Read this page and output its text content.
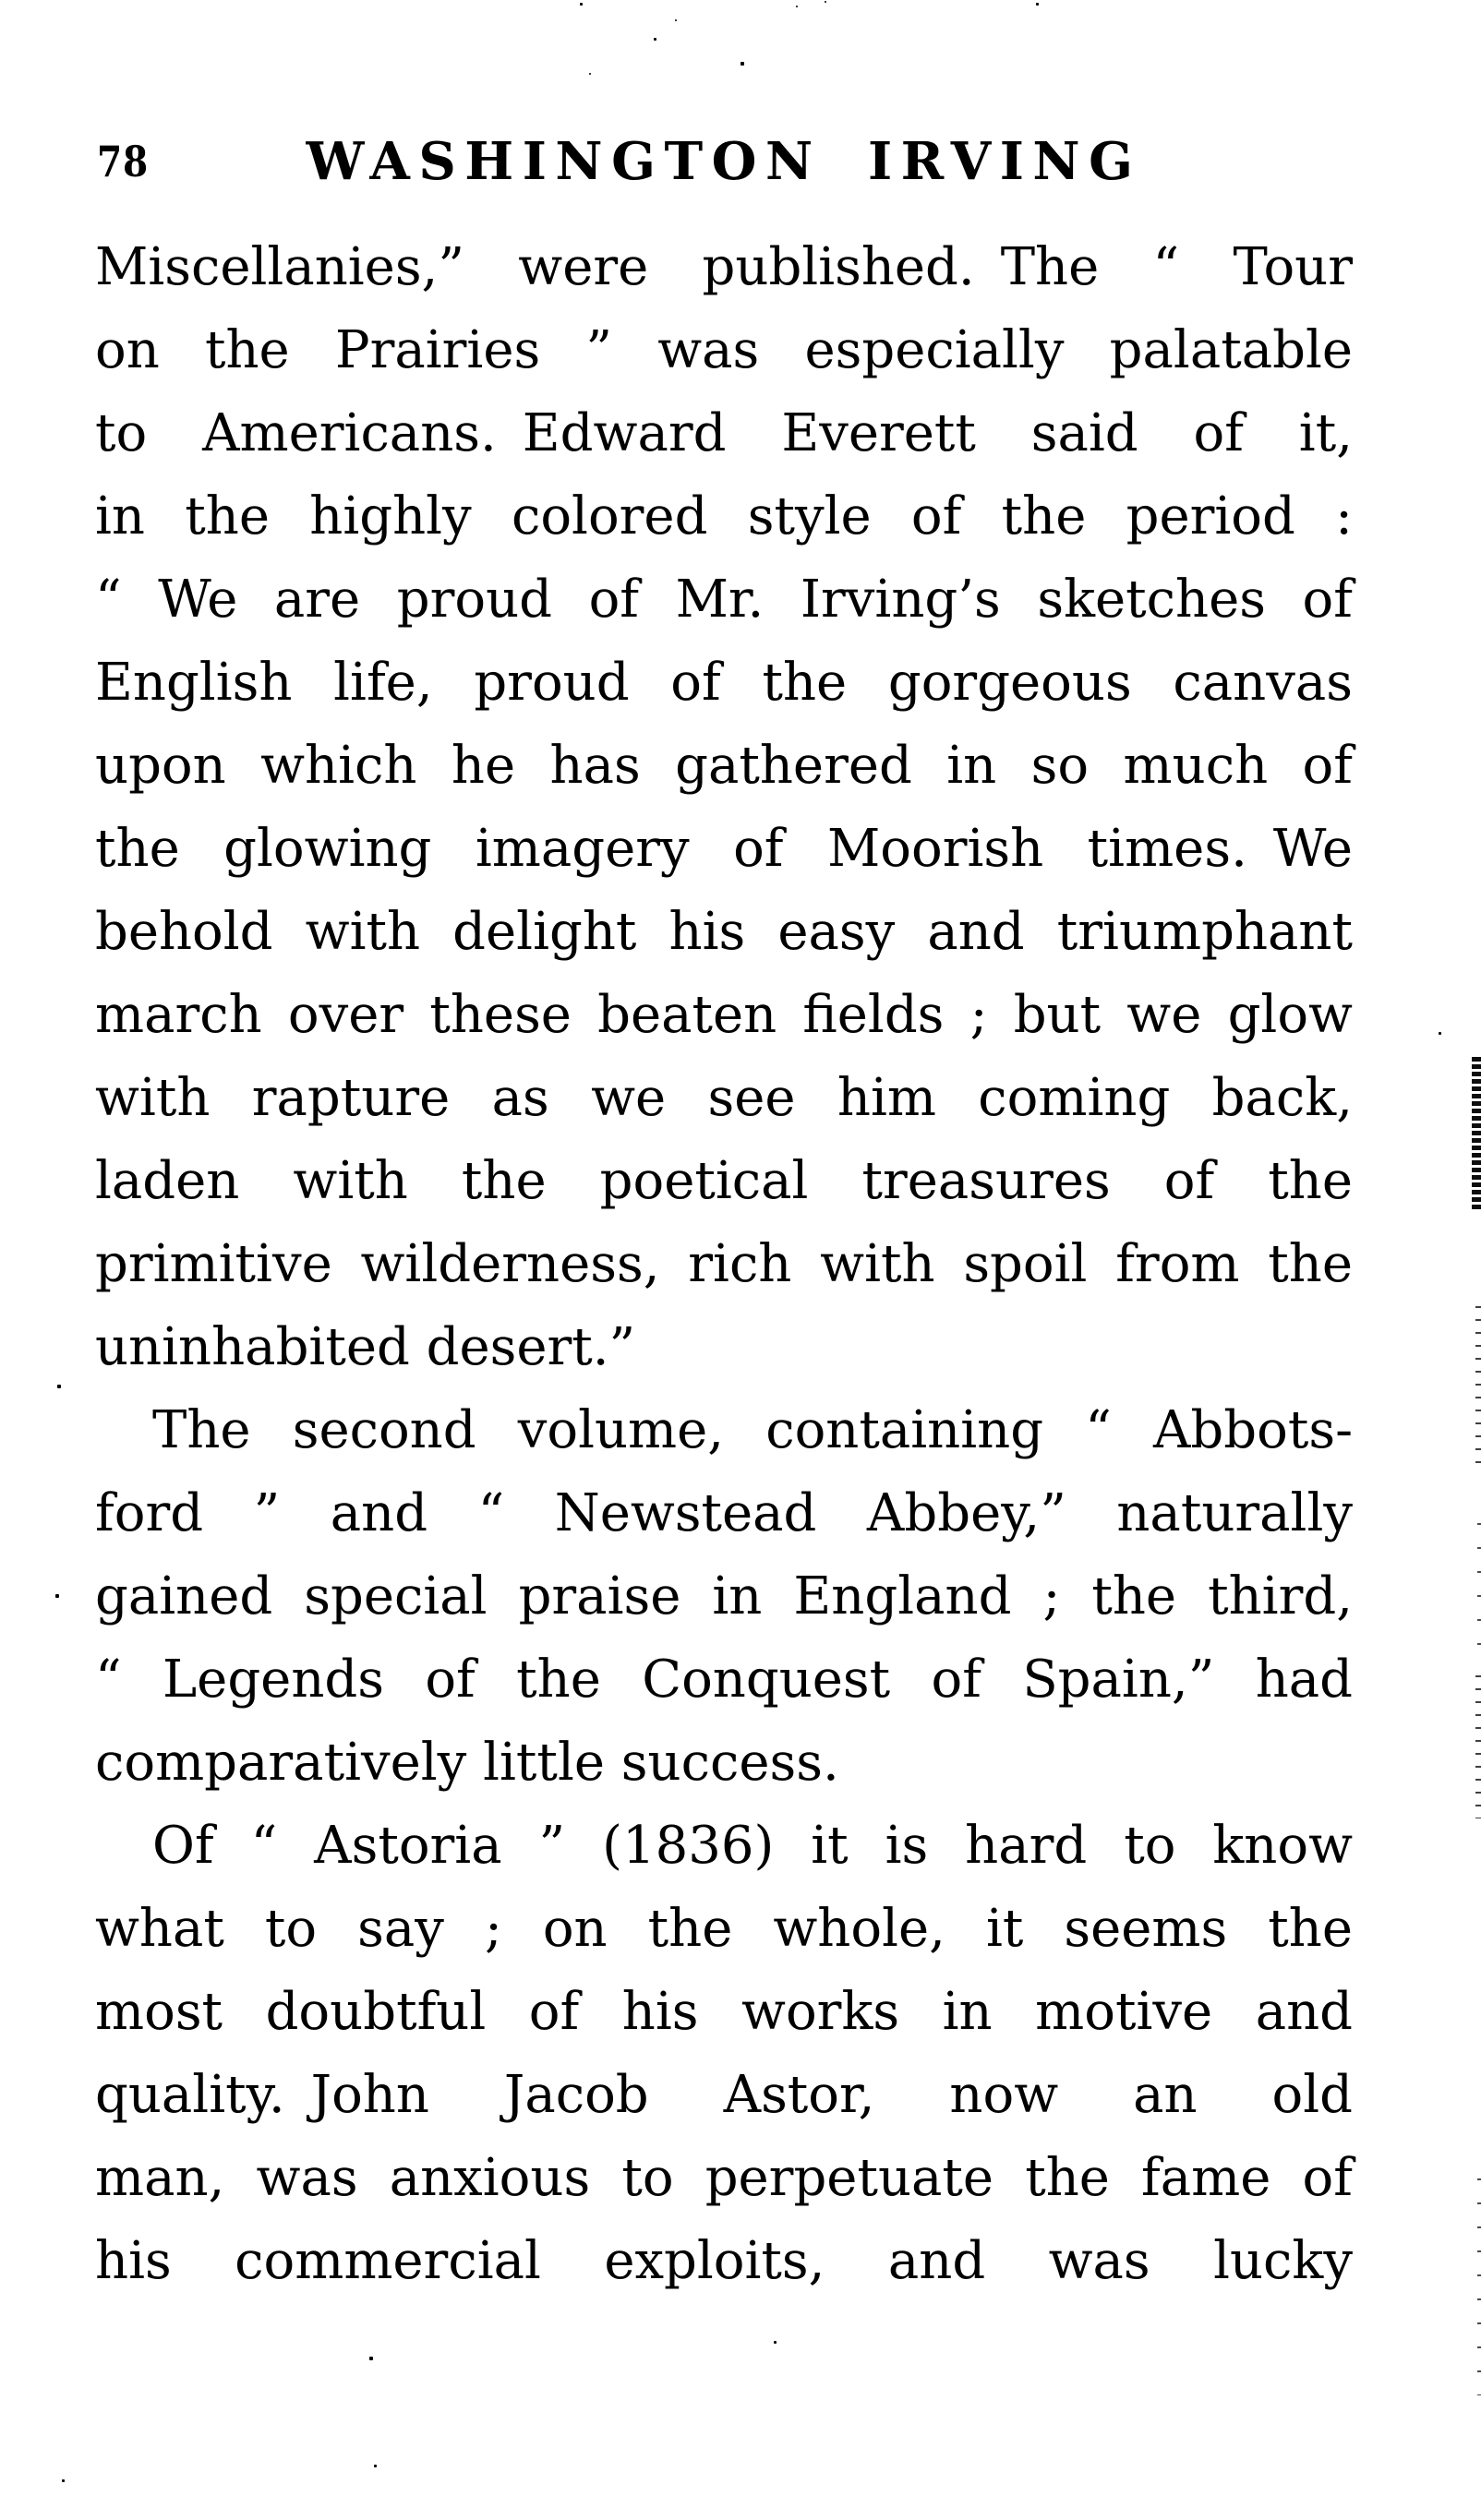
78	WASHINGTON IRVING
Miscellanies,” were published. The “ Tour
on the Prairies ” was especially palatable
to Americans. Edward Everett said of it,
in the highly colored style of the period :
“ We are proud of Mr. Irving’s sketches of
English life, proud of the gorgeous canvas
upon which he has gathered in so much of
the glowing imagery of Moorish times. We
behold with delight his easy and triumphant
march over these beaten fields ; but we glow
with rapture as we see him coming back,
laden with the poetical treasures of the
primitive wilderness, rich with spoil from the
uninhabited desert.”
The second volume, containing “ Abbots-
ford ” and “ Newstead Abbey,” naturally
gained special praise in England ; the third,
“ Legends of the Conquest of Spain,” had
comparatively little success.
Of “ Astoria ” (1836) it is hard to know
what to say ; on the whole, it seems the
most doubtful of his works in motive and
quality. John Jacob Astor, now an old
man, was anxious to perpetuate the fame of
his commercial exploits, and was lucky
